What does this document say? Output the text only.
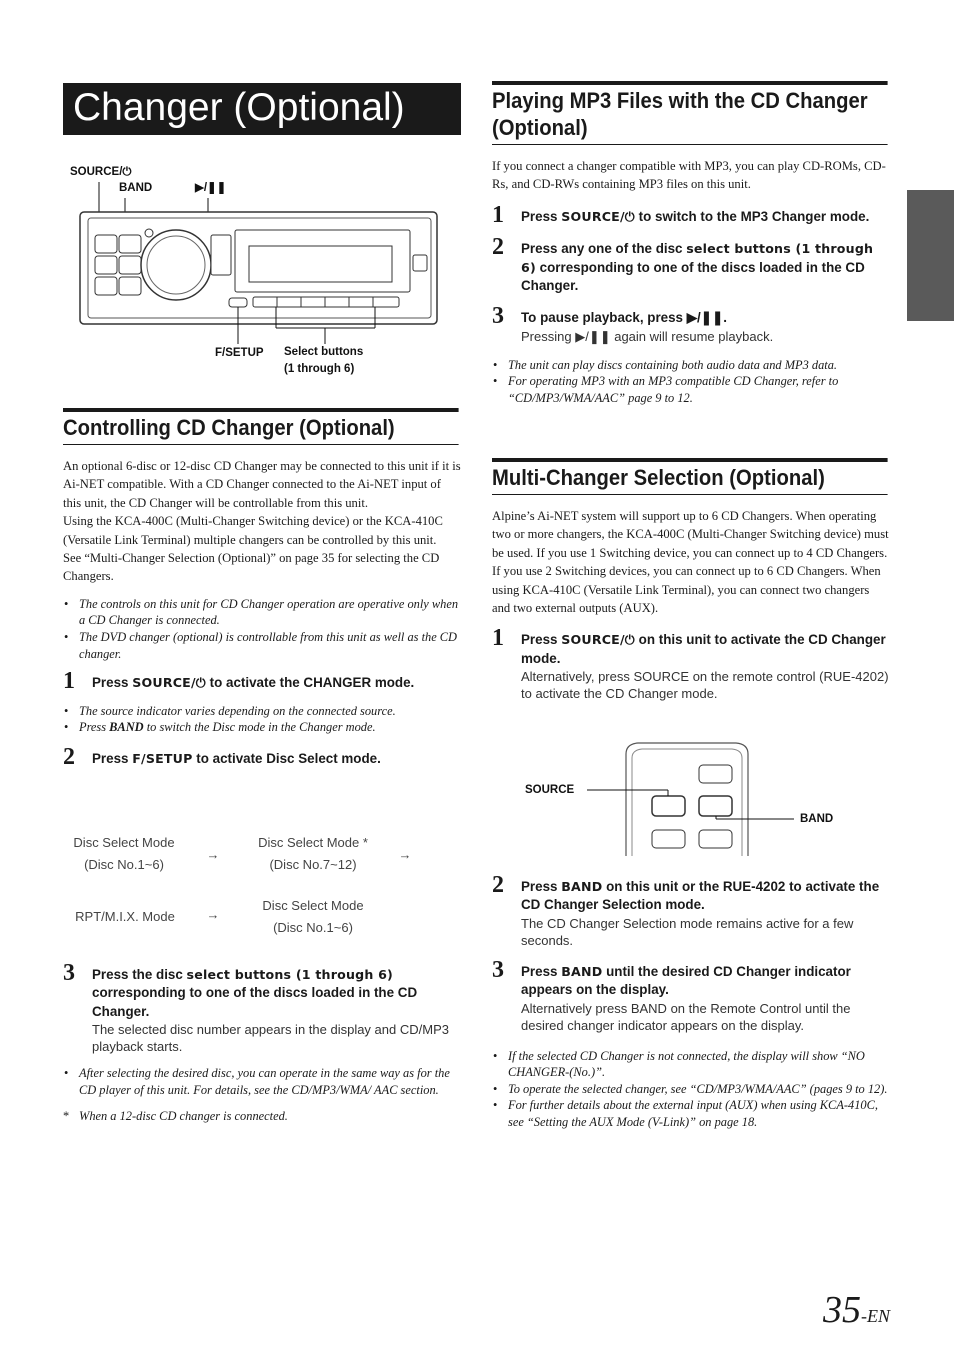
Changer (Optional)
SOURCE/⏻
BAND	▶/❚❚
F/SETUP Select buttons
(1 through 6)
Controlling CD Changer (Optional)
An optional 6-disc or 12-disc CD Changer may be connected to this unit if it is Ai-NET compatible. With a CD Changer connected to the Ai-NET input of this unit, the CD Changer will be controllable from this unit.
Using the KCA-400C (Multi-Changer Switching device) or the KCA-410C (Versatile Link Terminal) multiple changers can be controlled by this unit.
See “Multi-Changer Selection (Optional)” on page 35 for selecting the CD Changers.
• The controls on this unit for CD Changer operation are operative only when a CD Changer is connected.
• The DVD changer (optional) is controllable from this unit as well as the CD changer.
1 Press SOURCE/⏻ to activate the CHANGER mode.
• The source indicator varies depending on the connected source.
• Press BAND to switch the Disc mode in the Changer mode.
2 Press F/SETUP to activate Disc Select mode.
Disc Select Mode
(Disc No.1~6)
→
Disc Select Mode *
(Disc No.7~12)
→
RPT/M.I.X. Mode	→
Disc Select Mode
(Disc No.1~6)
3 Press the disc select buttons (1 through 6) corresponding to one of the discs loaded in the CD Changer.
The selected disc number appears in the display and CD/MP3 playback starts.
• After selecting the desired disc, you can operate in the same way as for the CD player of this unit. For details, see the CD/MP3/WMA/ AAC section.
* When a 12-disc CD changer is connected.
Playing MP3 Files with the CD Changer
(Optional)
If you connect a changer compatible with MP3, you can play CD-ROMs, CD-Rs, and CD-RWs containing MP3 files on this unit.
1 Press SOURCE/⏻ to switch to the MP3 Changer mode.
2 Press any one of the disc select buttons (1 through 6) corresponding to one of the discs loaded in the CD Changer.
3 To pause playback, press ▶/❚❚.
Pressing ▶/❚❚ again will resume playback.
• The unit can play discs containing both audio data and MP3 data.
• For operating MP3 with an MP3 compatible CD Changer, refer to “CD/MP3/WMA/AAC” page 9 to 12.
Multi-Changer Selection (Optional)
Alpine’s Ai-NET system will support up to 6 CD Changers. When operating two or more changers, the KCA-400C (Multi-Changer Switching device) must be used. If you use 1 Switching device, you can connect up to 4 CD Changers. If you use 2 Switching devices, you can connect up to 6 CD Changers. When using KCA-410C (Versatile Link Terminal), you can connect two changers and two external outputs (AUX).
1 Press SOURCE/⏻ on this unit to activate the CD Changer mode.
Alternatively, press SOURCE on the remote control (RUE-4202) to activate the CD Changer mode.
SOURCE
BAND
2 Press BAND on this unit or the RUE-4202 to activate the CD Changer Selection mode.
The CD Changer Selection mode remains active for a few seconds.
3 Press BAND until the desired CD Changer indicator appears on the display.
Alternatively press BAND on the Remote Control until the desired changer indicator appears on the display.
• If the selected CD Changer is not connected, the display will show “NO CHANGER-(No.)”.
• To operate the selected changer, see “CD/MP3/WMA/AAC” (pages 9 to 12).
• For further details about the external input (AUX) when using KCA-410C, see “Setting the AUX Mode (V-Link)” on page 18.
35-EN
